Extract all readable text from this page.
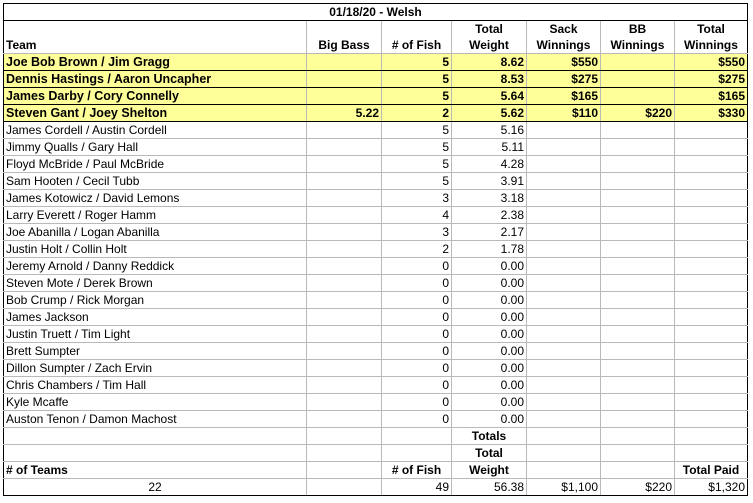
01/18/20 - Welsh						
			Total	Sack	BB	Total
Team	Big Bass	# of Fish	Weight	Winnings	Winnings	Winnings
Joe Bob Brown / Jim Gragg		5	8.62	$550		$550
Dennis Hastings / Aaron Uncapher		5	8.53	$275		$275
James Darby / Cory Connelly		5	5.64	$165		$165
Steven Gant / Joey Shelton	5.22	2	5.62	$110	$220	$330
James Cordell / Austin Cordell		5	5.16			
Jimmy Qualls / Gary Hall		5	5.11			
Floyd McBride / Paul McBride		5	4.28			
Sam Hooten / Cecil Tubb		5	3.91			
James Kotowicz / David Lemons		3	3.18			
Larry Everett / Roger Hamm		4	2.38			
Joe Abanilla / Logan Abanilla		3	2.17			
Justin Holt / Collin Holt		2	1.78			
Jeremy Arnold / Danny Reddick		0	0.00			
Steven Mote / Derek Brown		0	0.00			
Bob Crump / Rick Morgan		0	0.00			
James Jackson		0	0.00			
Justin Truett / Tim Light		0	0.00			
Brett Sumpter		0	0.00			
Dillon Sumpter / Zach Ervin		0	0.00			
Chris Chambers / Tim Hall		0	0.00			
Kyle Mcaffe		0	0.00			
Auston Tenon / Damon Machost		0	0.00			
			Totals			
			Total			
# of Teams		# of Fish	Weight			Total Paid
22		49	56.38	$1,100	$220	$1,320
